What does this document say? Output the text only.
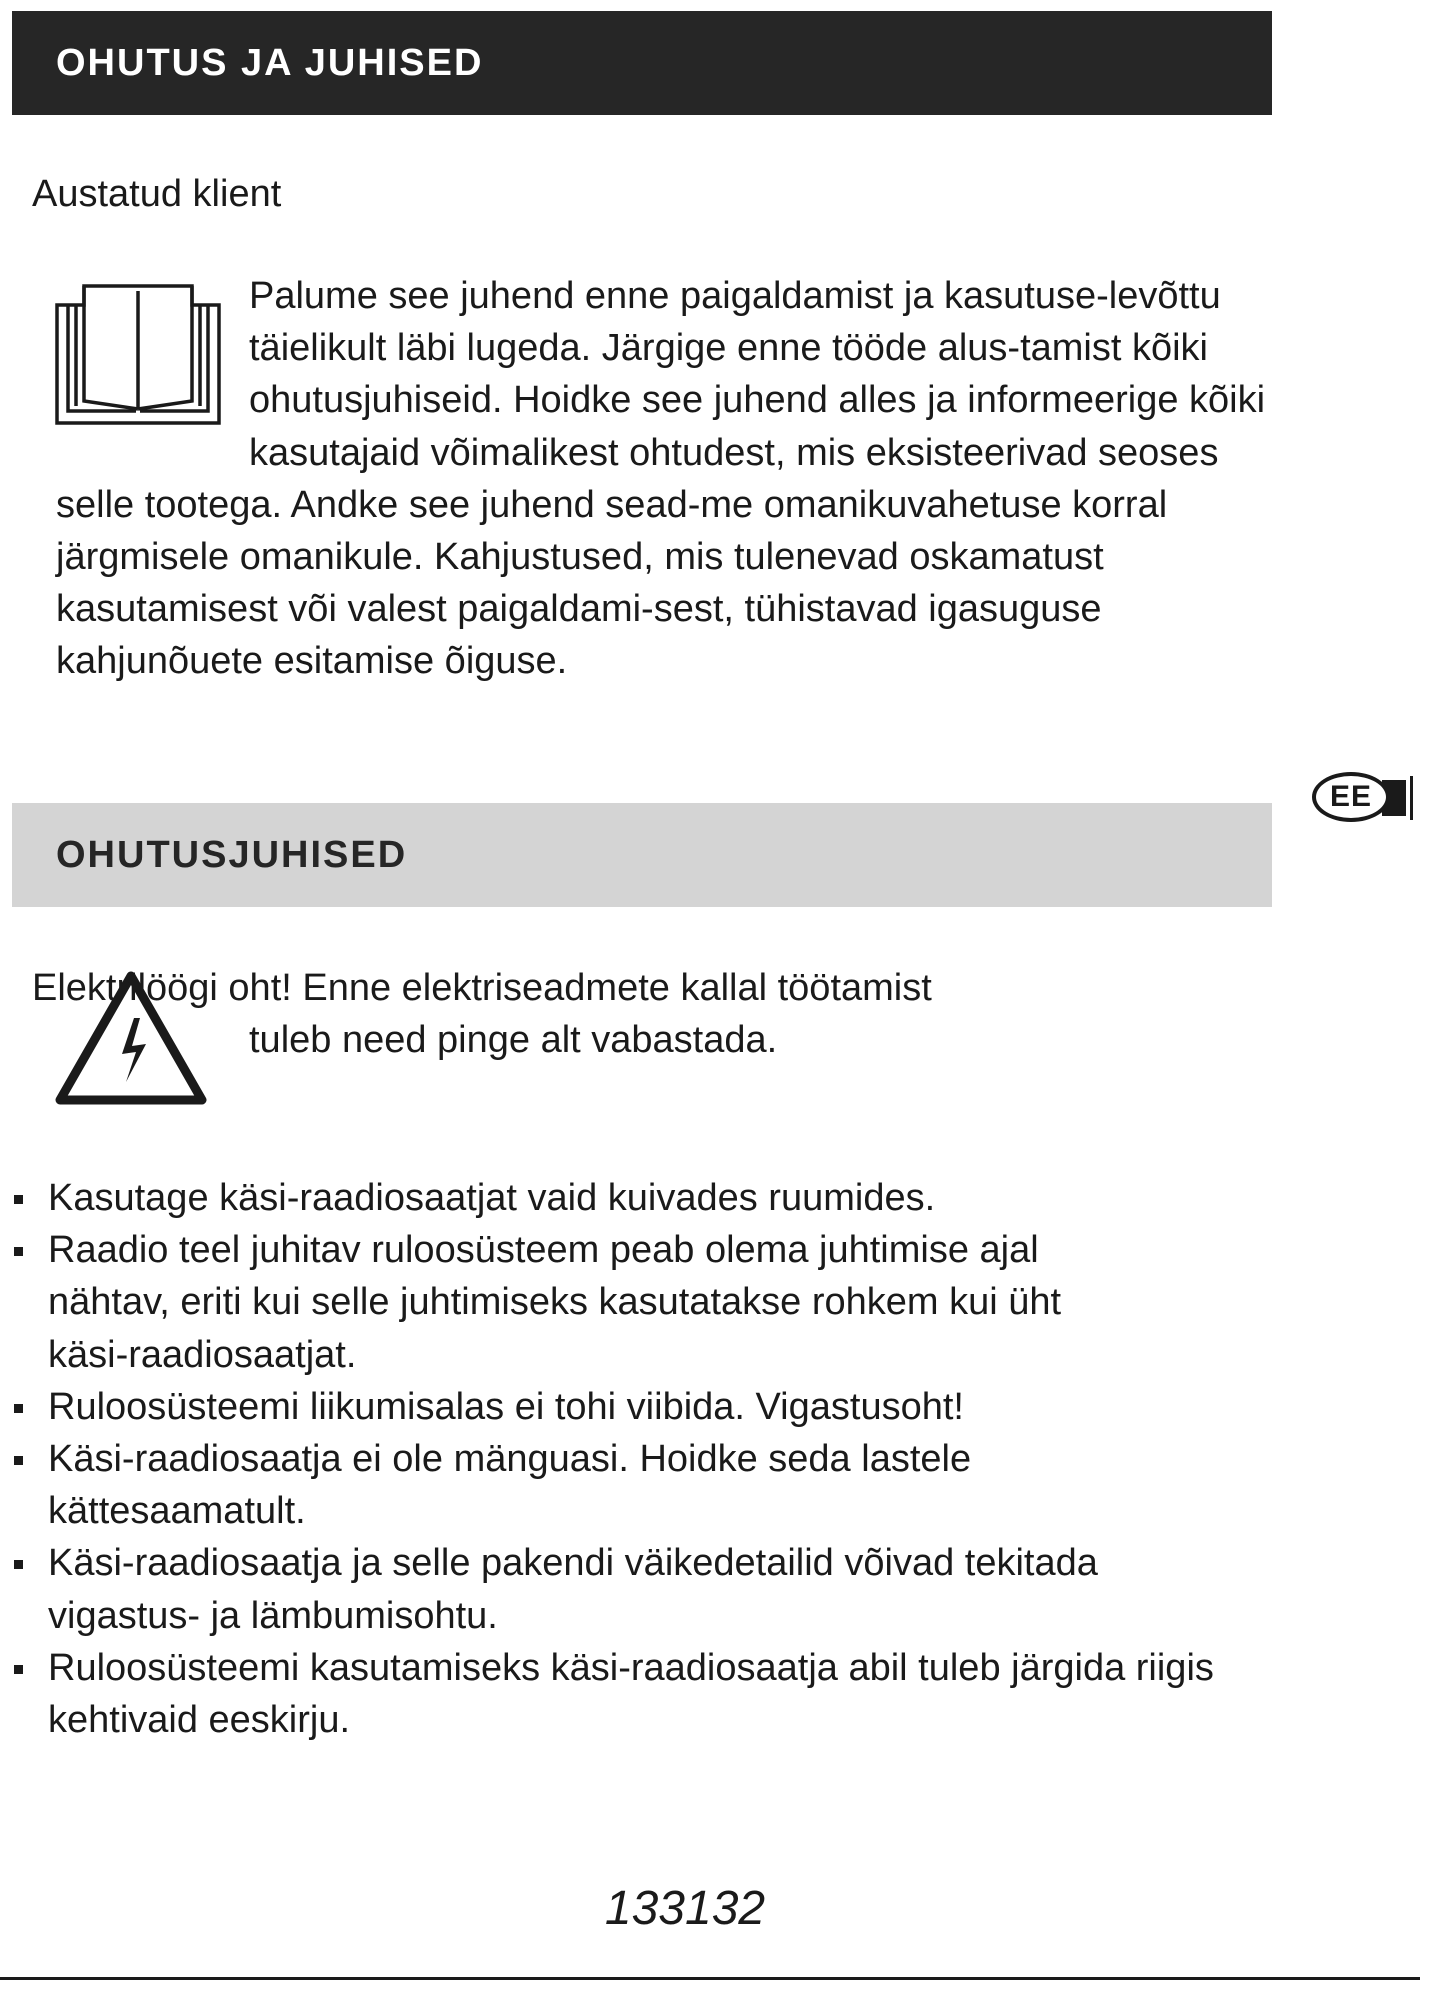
OHUTUS JA JUHISED

Austatud klient

Palume see juhend enne paigaldamist ja kasutuse-levõttu täielikult läbi lugeda. Järgige enne tööde alus-tamist kõiki ohutusjuhiseid. Hoidke see juhend alles ja informeerige kõiki kasutajaid võimalikest ohtudest, mis eksisteerivad seoses selle tootega. Andke see juhend sead-me omanikuvahetuse korral järgmisele omanikule. Kahjustused, mis tulenevad oskamatust kasutamisest või valest paigaldami-sest, tühistavad igasuguse kahjunõuete esitamise õiguse.

EE
OHUTUSJUHISED

Elektrilöögi oht! Enne elektriseadmete kallal töötamist

tuleb need pinge alt vabastada.

Kasutage käsi-raadiosaatjat vaid kuivades ruumides.
Raadio teel juhitav ruloosüsteem peab olema juhtimise ajal nähtav, eriti kui selle juhtimiseks kasutatakse rohkem kui üht käsi-raadiosaatjat.
Ruloosüsteemi liikumisalas ei tohi viibida. Vigastusoht!
Käsi-raadiosaatja ei ole mänguasi. Hoidke seda lastele kättesaamatult.
Käsi-raadiosaatja ja selle pakendi väikedetailid võivad tekitada vigastus- ja lämbumisohtu.
Ruloosüsteemi kasutamiseks käsi-raadiosaatja abil tuleb järgida riigis kehtivaid eeskirju.

133132
